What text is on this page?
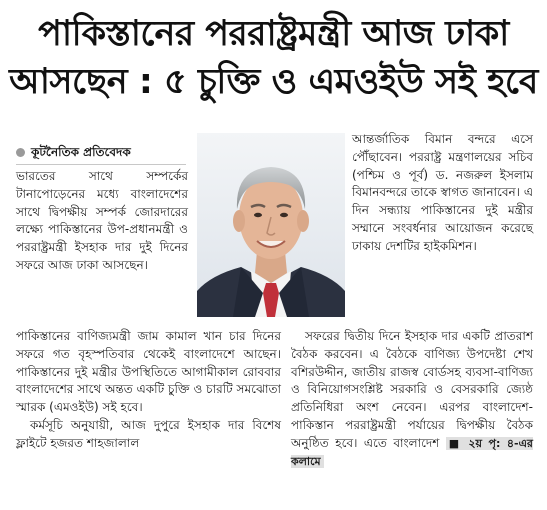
পাকিস্তানের পররাষ্ট্রমন্ত্রী আজ ঢাকা
আসছেন : ৫ চুক্তি ও এমওইউ সই হবে
কূটনৈতিক প্রতিবেদক

ভারতের সাথে সম্পর্কের টানাপোড়েনের মধ্যে বাংলাদেশের সাথে দ্বিপক্ষীয় সম্পর্ক জোরদারের লক্ষ্যে পাকিস্তানের উপ-প্রধানমন্ত্রী ও পররাষ্ট্রমন্ত্রী ইসহাক দার দুই দিনের সফরে আজ ঢাকা আসছেন।

আন্তর্জাতিক বিমান বন্দরে এসে পৌঁছাবেন। পররাষ্ট্র মন্ত্রণালয়ের সচিব (পশ্চিম ও পূর্ব) ড. নজরুল ইসলাম বিমানবন্দরে তাকে স্বাগত জানাবেন। এ দিন সন্ধ্যায় পাকিস্তানের দুই মন্ত্রীর সম্মানে সংবর্ধনার আয়োজন করেছে ঢাকায় দেশটির হাইকমিশন।

পাকিস্তানের বাণিজ্যমন্ত্রী জাম কামাল খান চার দিনের সফরে গত বৃহস্পতিবার থেকেই বাংলাদেশে আছেন। পাকিস্তানের দুই মন্ত্রীর উপস্থিতিতে আগামীকাল রোববার বাংলাদেশের সাথে অন্তত একটি চুক্তি ও চারটি সমঝোতা স্মারক (এমওইউ) সই হবে।

কর্মসূচি অনুযায়ী, আজ দুপুরে ইসহাক দার বিশেষ ফ্লাইটে হজরত শাহজালাল

সফরের দ্বিতীয় দিনে ইসহাক দার একটি প্রাতরাশ বৈঠক করবেন। এ বৈঠকে বাণিজ্য উপদেষ্টা শেখ বশিরউদ্দীন, জাতীয় রাজস্ব বোর্ডসহ ব্যবসা-বাণিজ্য ও বিনিয়োগসংশ্লিষ্ট সরকারি ও বেসরকারি জ্যেষ্ঠ প্রতিনিধিরা অংশ নেবেন। এরপর বাংলাদেশ-পাকিস্তান পররাষ্ট্রমন্ত্রী পর্যায়ের দ্বিপক্ষীয় বৈঠক অনুষ্ঠিত হবে। এতে বাংলাদেশ ■ ২য় পৃ: ৪-এর কলামে
